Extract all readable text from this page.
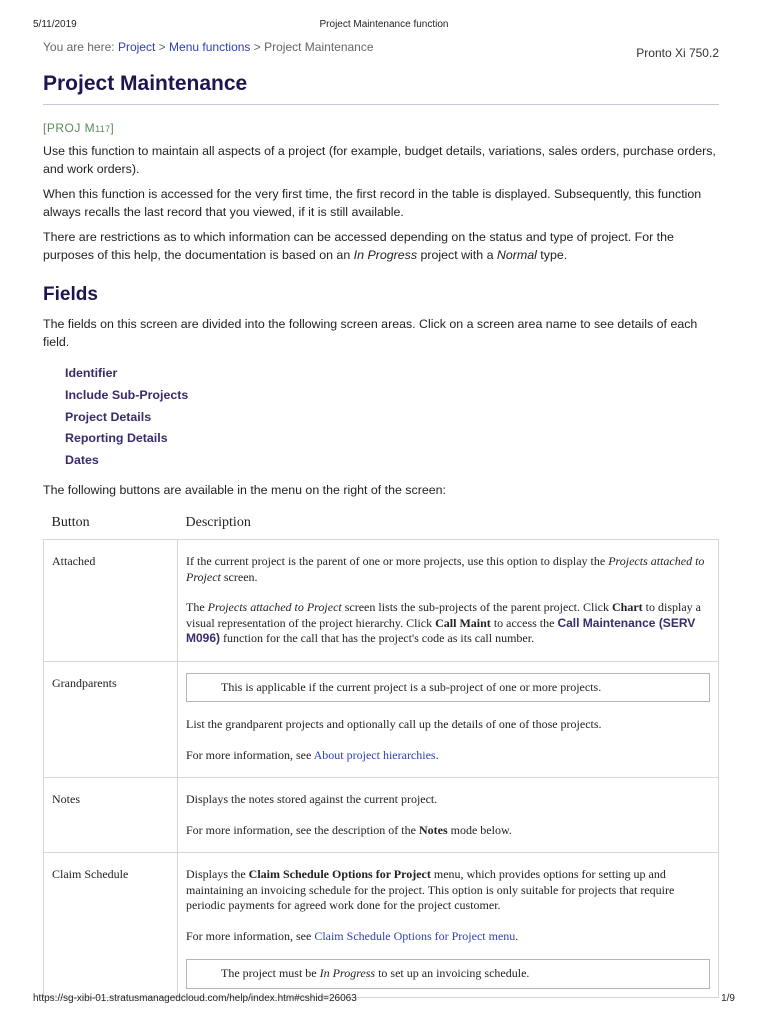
5/11/2019	Project Maintenance function
You are here: Project > Menu functions > Project Maintenance	Pronto Xi 750.2
Project Maintenance
[PROJ M117]

Use this function to maintain all aspects of a project (for example, budget details, variations, sales orders, purchase orders, and work orders).

When this function is accessed for the very first time, the first record in the table is displayed. Subsequently, this function always recalls the last record that you viewed, if it is still available.

There are restrictions as to which information can be accessed depending on the status and type of project. For the purposes of this help, the documentation is based on an In Progress project with a Normal type.

Fields

The fields on this screen are divided into the following screen areas. Click on a screen area name to see details of each field.

Identifier
Include Sub-Projects
Project Details
Reporting Details
Dates

The following buttons are available in the menu on the right of the screen:

Button	Description
Attached	If the current project is the parent of one or more projects, use this option to display the Projects attached to Project screen.

The Projects attached to Project screen lists the sub-projects of the parent project. Click Chart to display a visual representation of the project hierarchy. Click Call Maint to access the Call Maintenance (SERV M096) function for the call that has the project's code as its call number.

Grandparents	This is applicable if the current project is a sub-project of one or more projects.

List the grandparent projects and optionally call up the details of one of those projects.

For more information, see About project hierarchies.

Notes	Displays the notes stored against the current project.

For more information, see the description of the Notes mode below.

Claim Schedule	Displays the Claim Schedule Options for Project menu, which provides options for setting up and maintaining an invoicing schedule for the project. This option is only suitable for projects that require periodic payments for agreed work done for the project customer.

For more information, see Claim Schedule Options for Project menu.

The project must be In Progress to set up an invoicing schedule.
https://sg-xibi-01.stratusmanagedcloud.com/help/index.htm#cshid=26063	1/9
